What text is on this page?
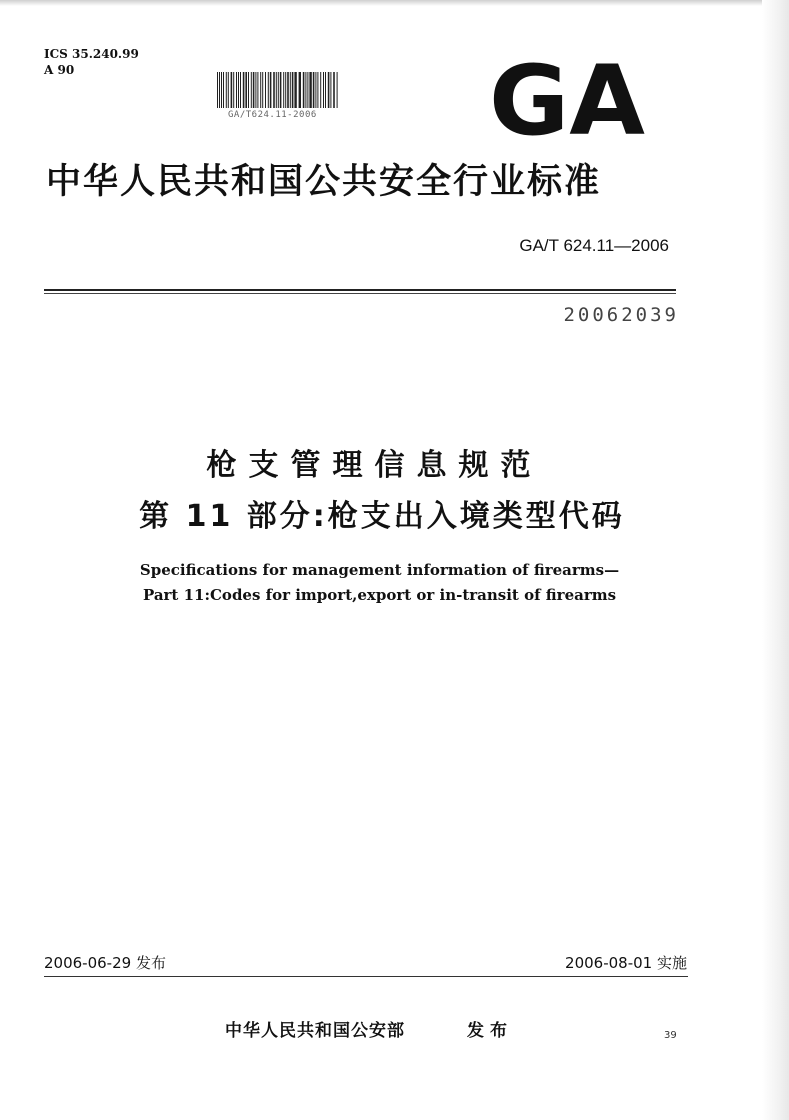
ICS 35.240.99
A 90
GA/T624.11-2006 GA
中华人民共和国公共安全行业标准
GA/T 624.11—2006
20062039
枪支管理信息规范
第 11 部分:枪支出入境类型代码
Specifications for management information of firearms—
Part 11:Codes for import,export or in-transit of firearms
2006-06-29 发布	2006-08-01 实施
中华人民共和国公安部	发布	39
